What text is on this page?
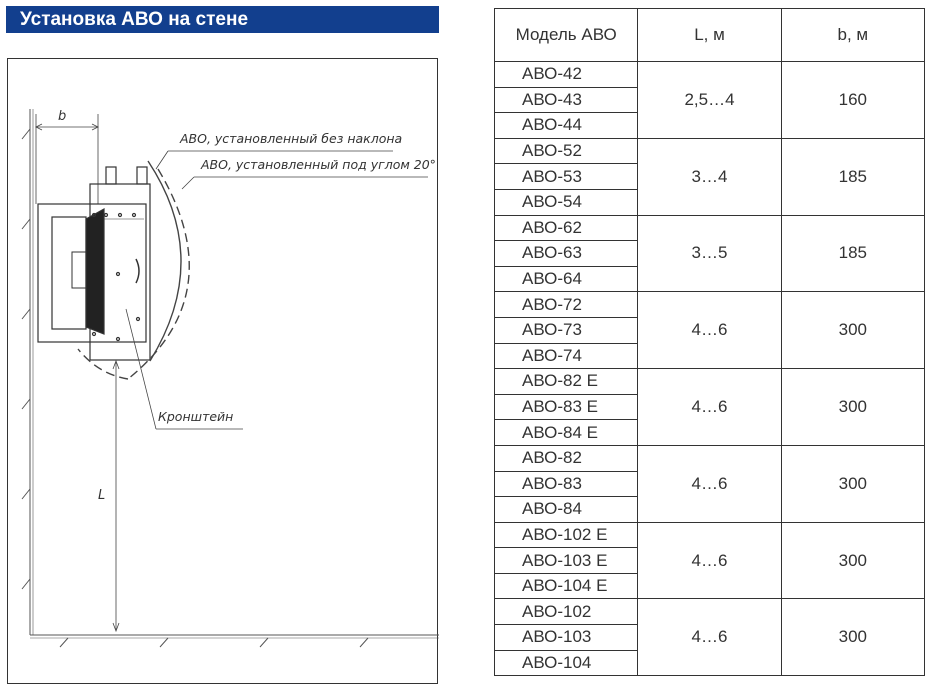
Установка АВО на стене
b
АВО, установленный без наклона
АВО, установленный под углом 20°
Кронштейн
L
Модель АВО	L, м	b, м
АВО-42	2,5…4	160
АВО-43		
АВО-44		
АВО-52	3…4	185
АВО-53		
АВО-54		
АВО-62	3…5	185
АВО-63		
АВО-64		
АВО-72	4…6	300
АВО-73		
АВО-74		
АВО-82 Е	4…6	300
АВО-83 Е		
АВО-84 Е		
АВО-82	4…6	300
АВО-83		
АВО-84		
АВО-102 Е	4…6	300
АВО-103 Е		
АВО-104 Е		
АВО-102	4…6	300
АВО-103		
АВО-104		
